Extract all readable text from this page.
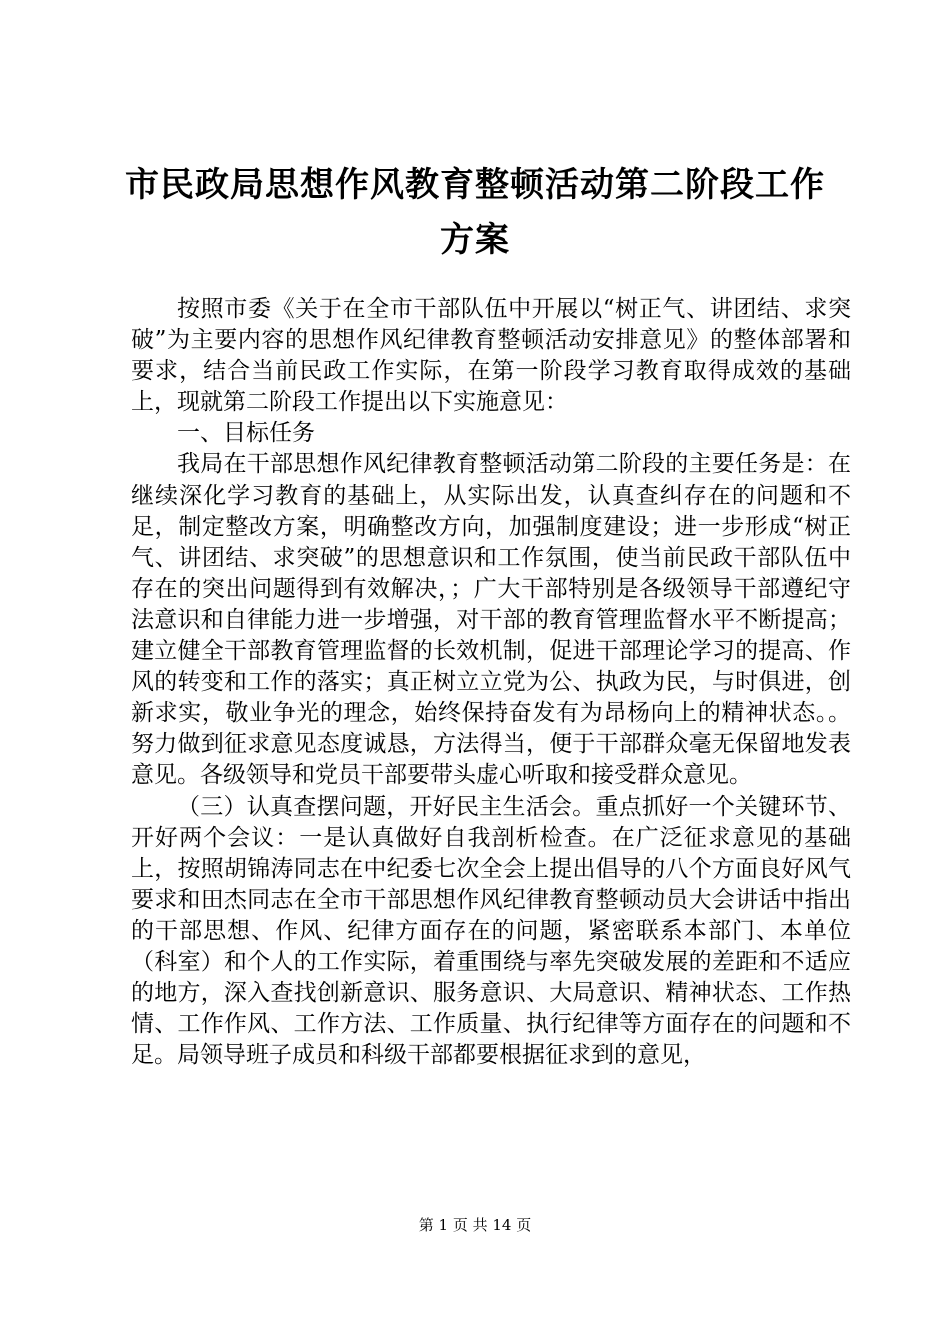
市民政局思想作风教育整顿活动第二阶段工作
方案

按照市委《关于在全市干部队伍中开展以“树正气、讲团结、求突破”为主要内容的思想作风纪律教育整顿活动安排意见》的整体部署和要求，结合当前民政工作实际，在第一阶段学习教育取得成效的基础上，现就第二阶段工作提出以下实施意见：

一、目标任务

我局在干部思想作风纪律教育整顿活动第二阶段的主要任务是：在继续深化学习教育的基础上，从实际出发，认真查纠存在的问题和不足，制定整改方案，明确整改方向，加强制度建设；进一步形成“树正气、讲团结、求突破”的思想意识和工作氛围，使当前民政干部队伍中存在的突出问题得到有效解决，；广大干部特别是各级领导干部遵纪守法意识和自律能力进一步增强，对干部的教育管理监督水平不断提高；建立健全干部教育管理监督的长效机制，促进干部理论学习的提高、作风的转变和工作的落实；真正树立立党为公、执政为民，与时俱进，创新求实，敬业争光的理念，始终保持奋发有为昂杨向上的精神状态。。努力做到征求意见态度诚恳，方法得当，便于干部群众毫无保留地发表意见。各级领导和党员干部要带头虚心听取和接受群众意见。

（三）认真查摆问题，开好民主生活会。重点抓好一个关键环节、开好两个会议：一是认真做好自我剖析检查。在广泛征求意见的基础上，按照胡锦涛同志在中纪委七次全会上提出倡导的八个方面良好风气要求和田杰同志在全市干部思想作风纪律教育整顿动员大会讲话中指出的干部思想、作风、纪律方面存在的问题，紧密联系本部门、本单位（科室）和个人的工作实际，着重围绕与率先突破发展的差距和不适应的地方，深入查找创新意识、服务意识、大局意识、精神状态、工作热情、工作作风、工作方法、工作质量、执行纪律等方面存在的问题和不足。局领导班子成员和科级干部都要根据征求到的意见，

第 1 页 共 14 页
